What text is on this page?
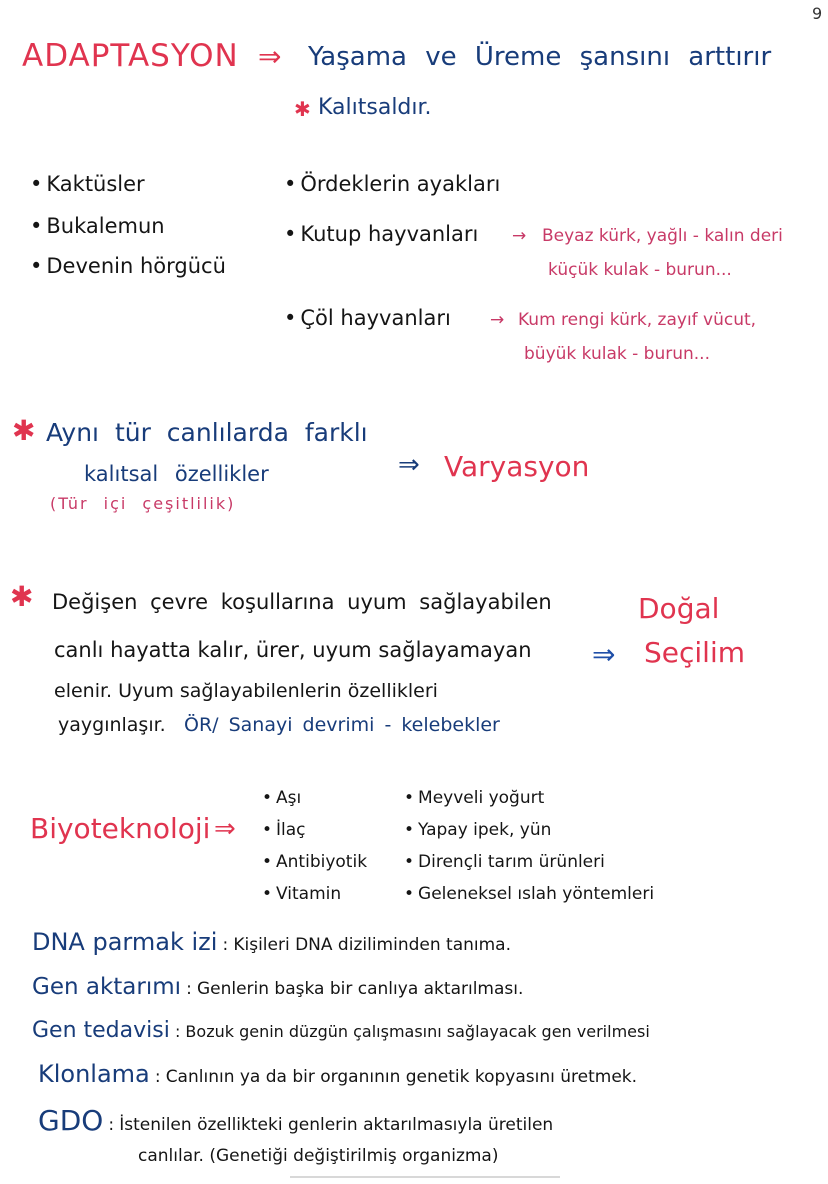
9
ADAPTASYON ⇒ Yaşama ve Üreme şansını arttırır
✱ Kalıtsaldır.
• Kaktüsler
• Bukalemun
• Devenin hörgücü
• Ördeklerin ayakları
• Kutup hayvanları → Beyaz kürk, yağlı - kalın deri
küçük kulak - burun...
• Çöl hayvanları → Kum rengi kürk, zayıf vücut,
büyük kulak - burun...
✱ Aynı tür canlılarda farklı
kalıtsal özellikler
(Tür içi çeşitlilik)
⇒ Varyasyon
✱ Değişen çevre koşullarına uyum sağlayabilen
canlı hayatta kalır, ürer, uyum sağlayamayan
elenir. Uyum sağlayabilenlerin özellikleri
yaygınlaşır. ÖR/ Sanayi devrimi - kelebekler
⇒
Doğal
Seçilim
Biyoteknoloji ⇒
• Aşı
• İlaç
• Antibiyotik
• Vitamin
• Meyveli yoğurt
• Yapay ipek, yün
• Dirençli tarım ürünleri
• Geleneksel ıslah yöntemleri
DNA parmak izi : Kişileri DNA diziliminden tanıma.
Gen aktarımı : Genlerin başka bir canlıya aktarılması.
Gen tedavisi : Bozuk genin düzgün çalışmasını sağlayacak gen verilmesi
Klonlama : Canlının ya da bir organının genetik kopyasını üretmek.
GDO : İstenilen özellikteki genlerin aktarılmasıyla üretilen
canlılar. (Genetiği değiştirilmiş organizma)
